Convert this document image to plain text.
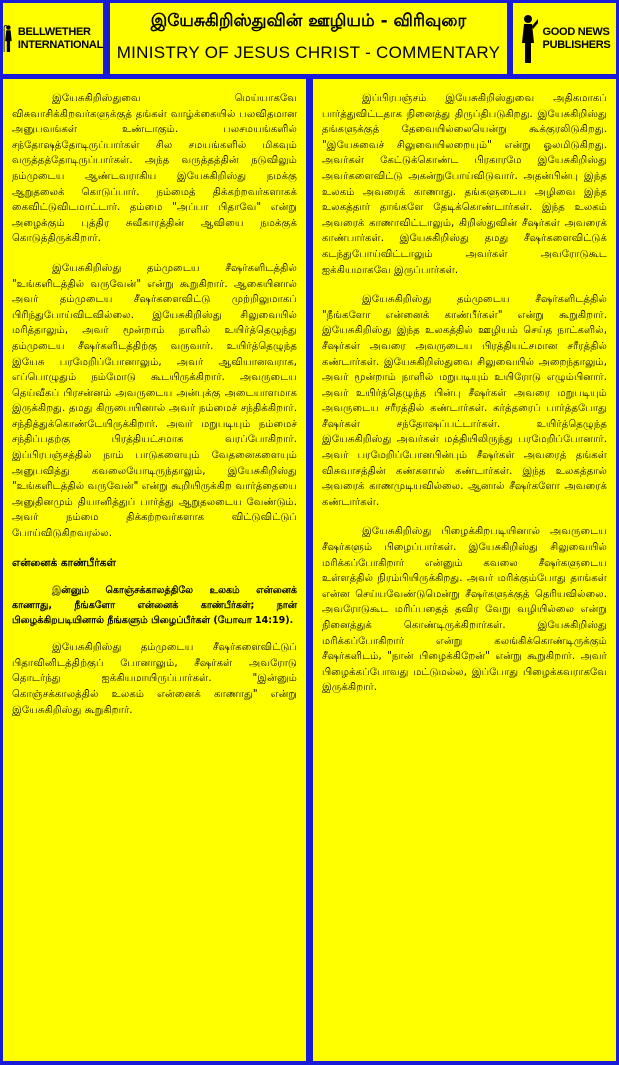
BELLWETHER
INTERNATIONAL
இயேசுகிறிஸ்துவின் ஊழியம் - விரிவுரை
MINISTRY OF JESUS CHRIST - COMMENTARY
GOOD NEWS
PUBLISHERS

இயேசுகிறிஸ்துவை மெய்யாகவே விசுவாசிக்கிறவர்களுக்குத் தங்கள் வாழ்க்கையில் பலவிதமான அனுபவங்கள் உண்டாகும். பலசமயங்களில் சந்தோஷத்தோடிருப்பார்கள் சில சமயங்களில் மிகவும் வருத்தத்தோடிருப்பார்கள். அந்த வருத்தத்தின் நடுவிலும் நம்முடைய ஆண்டவராகிய இயேசுகிறிஸ்து நமக்கு ஆறுதலைக் கொடுப்பார். நம்மைத் திக்கற்றவர்களாகக் கைவிட்டுவிடமாட்டார். தம்மை "அப்பா பிதாவே" என்று அழைக்கும் புத்திர சுவீகாரத்தின் ஆவியை நமக்குக் கொடுத்திருக்கிறார்.

இயேசுகிறிஸ்து தம்முடைய சீஷர்களிடத்தில் "உங்களிடத்தில் வருவேன்" என்று கூறுகிறார். ஆகையினால் அவர் தம்முடைய சீஷர்களைவிட்டு முற்றிலுமாகப் பிரிந்துபோய்விடவில்லை. இயேசுகிறிஸ்து சிலுவையில் மரித்தாலும், அவர் மூன்றாம் நாளில் உயிர்த்தெழுந்து தம்முடைய சீஷர்களிடத்திற்கு வருவார். உயிர்த்தெழுந்த இயேசு பரமேறிப்போனாலும், அவர் ஆவியானவராக, எப்பொழுதும் நம்மோடு கூடயிருக்கிறார். அவருடைய தெய்வீகப் பிரசன்னம் அவருடைய அன்புக்கு அடையாளமாக இருக்கிறது. தமது கிருபையினால் அவர் நம்மைச் சந்திக்கிறார். சந்தித்துக்கொண்டேயிருக்கிறார். அவர் மறுபடியும் நம்மைச் சந்திப்பதற்கு பிரத்தியட்சமாக வரப்போகிறார். இப்பிரபஞ்சத்தில் நாம் பாடுகளையும் வேதனைகளையும் அனுபவித்து கவலையோடிருந்தாலும், இயேசுகிறிஸ்து "உங்களிடத்தில் வருவேன்" என்று கூறியிருக்கிற வார்த்தையை அனுதினமும் தியானித்துப் பார்த்து ஆறுதலடைய வேண்டும். அவர் நம்மை திக்கற்றவர்களாக விட்டுவிட்டுப் போய்விடுகிறவரல்ல.

என்னைக் காண்பீர்கள்
இன்னும் கொஞ்சக்காலத்திலே உலகம் என்னைக் காணாது, நீங்களோ என்னைக் காண்பீர்கள்; நான் பிழைக்கிறபடியினால் நீங்களும் பிழைப்பீர்கள் (யோவா 14:19).

இயேசுகிறிஸ்து தம்முடைய சீஷர்களைவிட்டுப் பிதாவினிடத்திற்குப் போனாலும், சீஷர்கள் அவரோடு தொடர்ந்து ஐக்கியமாயிருப்பார்கள். "இன்னும் கொஞ்சக்காலத்தில் உலகம் என்னைக் காணாது" என்று இயேசுகிறிஸ்து கூறுகிறார்.

இப்பிரபஞ்சம் இயேசுகிறிஸ்துவை அதிகமாகப் பார்த்துவிட்டதாக நினைத்து திருப்திபடுகிறது. இயேசுகிறிஸ்து தங்களுக்குத் தேவையில்லையென்று கூக்குரலிடுகிறது. "இயேசுவைச் சிலுவையிலறையும்" என்று ஓலமிடுகிறது. அவர்கள் கேட்டுக்கொண்ட பிரகாரமே இயேசுகிறிஸ்து அவர்களைவிட்டு அகன்றுபோய்விடுவார். அதன்பின்பு இந்த உலகம் அவரைக் காணாது. தங்களுடைய அழிவை இந்த உலகத்தார் தாங்களே தேடிக்கொண்டார்கள். இந்த உலகம் அவரைக் காணாவிட்டாலும், கிறிஸ்துவின் சீஷர்கள் அவரைக் காண்பார்கள். இயேசுகிறிஸ்து தமது சீஷர்களைவிட்டுக் கடந்துபோய்விட்டாலும் அவர்கள் அவரோடுகூட ஐக்கியமாகவே இருப்பார்கள்.

இயேசுகிறிஸ்து தம்முடைய சீஷர்களிடத்தில் "நீங்களோ என்னைக் காண்பீர்கள்" என்று கூறுகிறார். இயேசுகிறிஸ்து இந்த உலகத்தில் ஊழியம் செய்த நாட்களில், சீஷர்கள் அவரை அவருடைய பிரத்தியட்சமான சரீரத்தில் கண்டார்கள். இயேசுகிறிஸ்துவை சிலுவையில் அறைந்தாலும், அவர் மூன்றாம் நாளில் மறுபடியும் உயிரோடு எழும்பினார். அவர் உயிர்த்தெழுந்த பின்பு சீஷர்கள் அவரை மறுபடியும் அவருடைய சரீரத்தில் கண்டார்கள். கர்த்தரைப் பார்த்தபோது சீஷர்கள் சந்தோஷப்பட்டார்கள். உயிர்த்தெழுந்த இயேசுகிறிஸ்து அவர்கள் மத்தியிலிருந்து பரமேறிப்போனார். அவர் பரமேறிப்போனபின்பும் சீஷர்கள் அவரைத் தங்கள் விசுவாசத்தின் கண்களால் கண்டார்கள். இந்த உலகத்தால் அவரைக் காணமுடியவில்லை. ஆனால் சீஷர்களோ அவரைக் கண்டார்கள்.

இயேசுகிறிஸ்து பிழைக்கிறபடியினால் அவருடைய சீஷர்களும் பிழைப்பார்கள். இயேசுகிறிஸ்து சிலுவையில் மரிக்கப்போகிறார் என்னும் கவலை சீஷர்களுடைய உள்ளத்தில் நிரம்பியிருக்கிறது. அவர் மரிக்கும்போது தாங்கள் என்ன செய்யவேண்டுமென்று சீஷர்களுக்குத் தெரியவில்லை. அவரோடுகூட மரிப்பதைத் தவிர வேறு வழியில்லை என்று நினைத்துக் கொண்டிருக்கிறார்கள். இயேசுகிறிஸ்து மரிக்கப்போகிறார் என்று கலங்கிக்கொண்டிருக்கும் சீஷர்களிடம், "நான் பிழைக்கிறேன்" என்று கூறுகிறார். அவர் பிழைக்கப்போவது மட்டுமல்ல, இப்போது பிழைக்கவராகவே இருக்கிறார்.
